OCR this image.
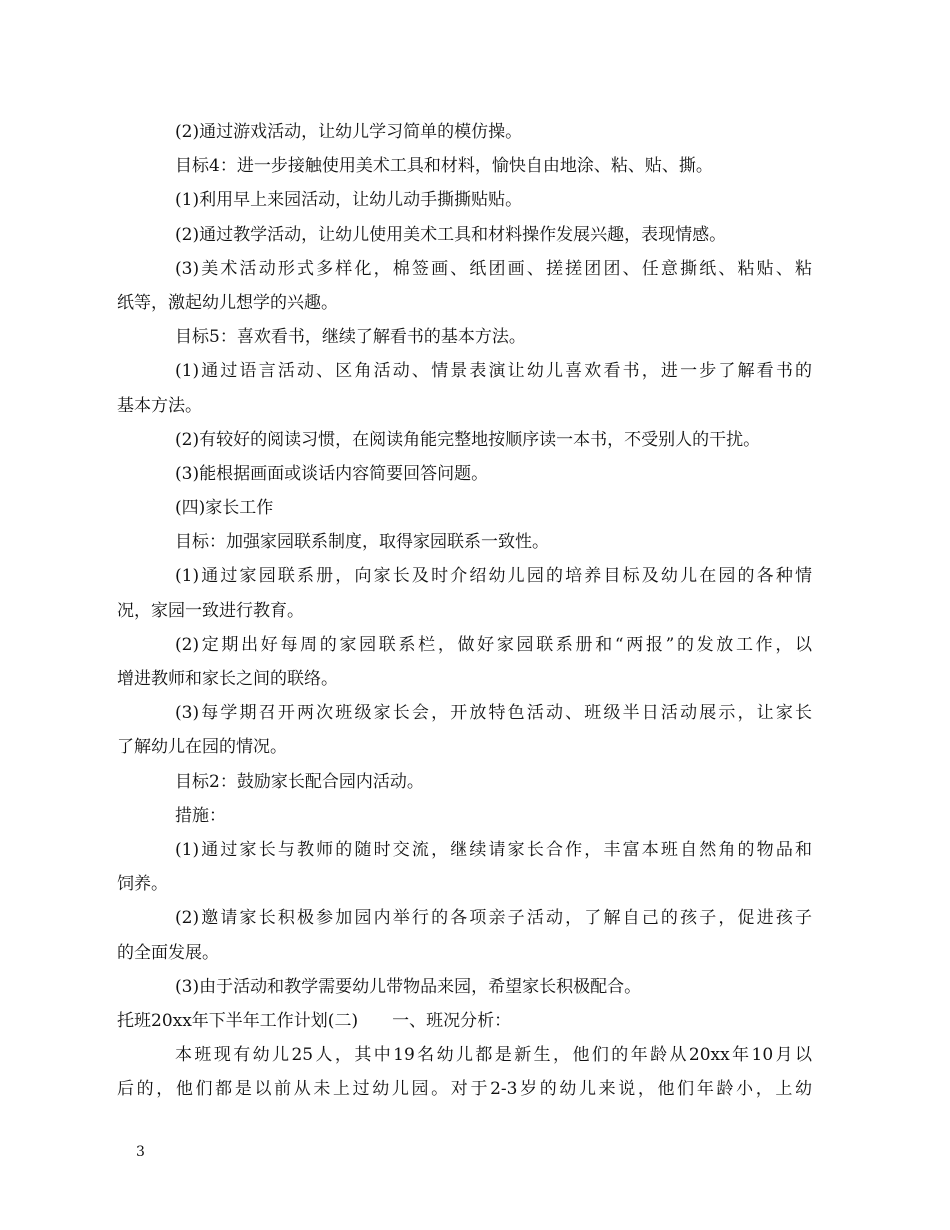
(2)通过游戏活动，让幼儿学习简单的模仿操。
目标4：进一步接触使用美术工具和材料，愉快自由地涂、粘、贴、撕。
(1)利用早上来园活动，让幼儿动手撕撕贴贴。
(2)通过教学活动，让幼儿使用美术工具和材料操作发展兴趣，表现情感。
(3)美术活动形式多样化，棉签画、纸团画、搓搓团团、任意撕纸、粘贴、粘
纸等，激起幼儿想学的兴趣。
目标5：喜欢看书，继续了解看书的基本方法。
(1)通过语言活动、区角活动、情景表演让幼儿喜欢看书，进一步了解看书的
基本方法。
(2)有较好的阅读习惯，在阅读角能完整地按顺序读一本书，不受别人的干扰。
(3)能根据画面或谈话内容简要回答问题。
(四)家长工作
目标：加强家园联系制度，取得家园联系一致性。
(1)通过家园联系册，向家长及时介绍幼儿园的培养目标及幼儿在园的各种情
况，家园一致进行教育。
(2)定期出好每周的家园联系栏，做好家园联系册和“两报”的发放工作，以
增进教师和家长之间的联络。
(3)每学期召开两次班级家长会，开放特色活动、班级半日活动展示，让家长
了解幼儿在园的情况。
目标2：鼓励家长配合园内活动。
措施：
(1)通过家长与教师的随时交流，继续请家长合作，丰富本班自然角的物品和
饲养。
(2)邀请家长积极参加园内举行的各项亲子活动，了解自己的孩子，促进孩子
的全面发展。
(3)由于活动和教学需要幼儿带物品来园，希望家长积极配合。
托班20xx年下半年工作计划(二)　　一、班况分析：
本班现有幼儿25人，其中19名幼儿都是新生，他们的年龄从20xx年10月以
后的，他们都是以前从未上过幼儿园。对于2-3岁的幼儿来说，他们年龄小，上幼
3
